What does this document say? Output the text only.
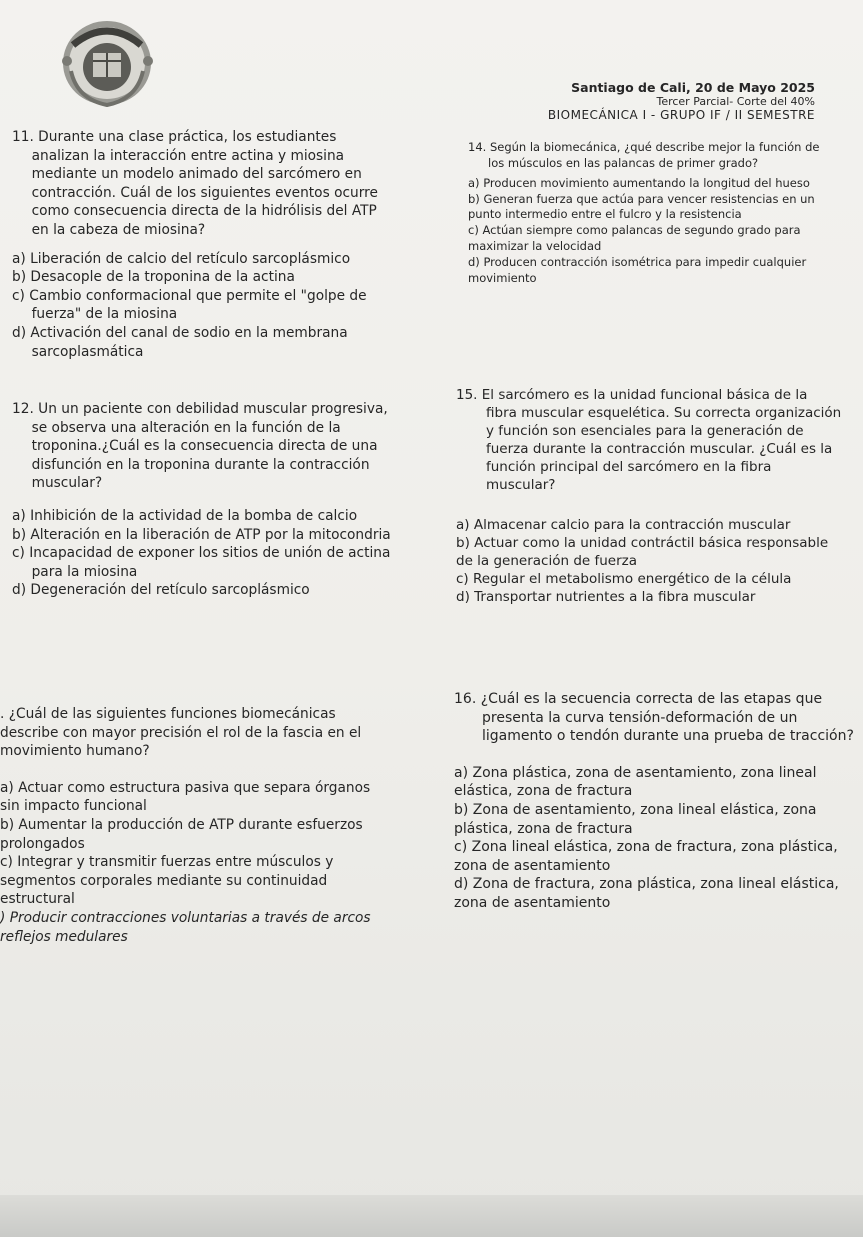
Santiago de Cali, 20 de Mayo 2025
Tercer Parcial- Corte del 40%
BIOMECÁNICA I - GRUPO IF / II SEMESTRE

11. Durante una clase práctica, los estudiantes analizan la interacción entre actina y miosina mediante un modelo animado del sarcómero en contracción. Cuál de los siguientes eventos ocurre como consecuencia directa de la hidrólisis del ATP en la cabeza de miosina?

a) Liberación de calcio del retículo sarcoplásmico

b) Desacople de la troponina de la actina

c) Cambio conformacional que permite el "golpe de fuerza" de la miosina

d) Activación del canal de sodio en la membrana sarcoplasmática

12. Un un paciente con debilidad muscular progresiva, se observa una alteración en la función de la troponina.¿Cuál es la consecuencia directa de una disfunción en la troponina durante la contracción muscular?

a) Inhibición de la actividad de la bomba de calcio

b) Alteración en la liberación de ATP por la mitocondria

c) Incapacidad de exponer los sitios de unión de actina para la miosina

d) Degeneración del retículo sarcoplásmico

. ¿Cuál de las siguientes funciones biomecánicas describe con mayor precisión el rol de la fascia en el movimiento humano?

a) Actuar como estructura pasiva que separa órganos sin impacto funcional

b) Aumentar la producción de ATP durante esfuerzos prolongados

c) Integrar y transmitir fuerzas entre músculos y segmentos corporales mediante su continuidad estructural

) Producir contracciones voluntarias a través de arcos reflejos medulares

14. Según la biomecánica, ¿qué describe mejor la función de los músculos en las palancas de primer grado?

a) Producen movimiento aumentando la longitud del hueso

b) Generan fuerza que actúa para vencer resistencias en un punto intermedio entre el fulcro y la resistencia

c) Actúan siempre como palancas de segundo grado para maximizar la velocidad

d) Producen contracción isométrica para impedir cualquier movimiento

15. El sarcómero es la unidad funcional básica de la fibra muscular esquelética. Su correcta organización y función son esenciales para la generación de fuerza durante la contracción muscular. ¿Cuál es la función principal del sarcómero en la fibra muscular?

a) Almacenar calcio para la contracción muscular

b) Actuar como la unidad contráctil básica responsable de la generación de fuerza

c) Regular el metabolismo energético de la célula

d) Transportar nutrientes a la fibra muscular

16. ¿Cuál es la secuencia correcta de las etapas que presenta la curva tensión-deformación de un ligamento o tendón durante una prueba de tracción?

a) Zona plástica, zona de asentamiento, zona lineal elástica, zona de fractura

b) Zona de asentamiento, zona lineal elástica, zona plástica, zona de fractura

c) Zona lineal elástica, zona de fractura, zona plástica, zona de asentamiento

d) Zona de fractura, zona plástica, zona lineal elástica, zona de asentamiento
